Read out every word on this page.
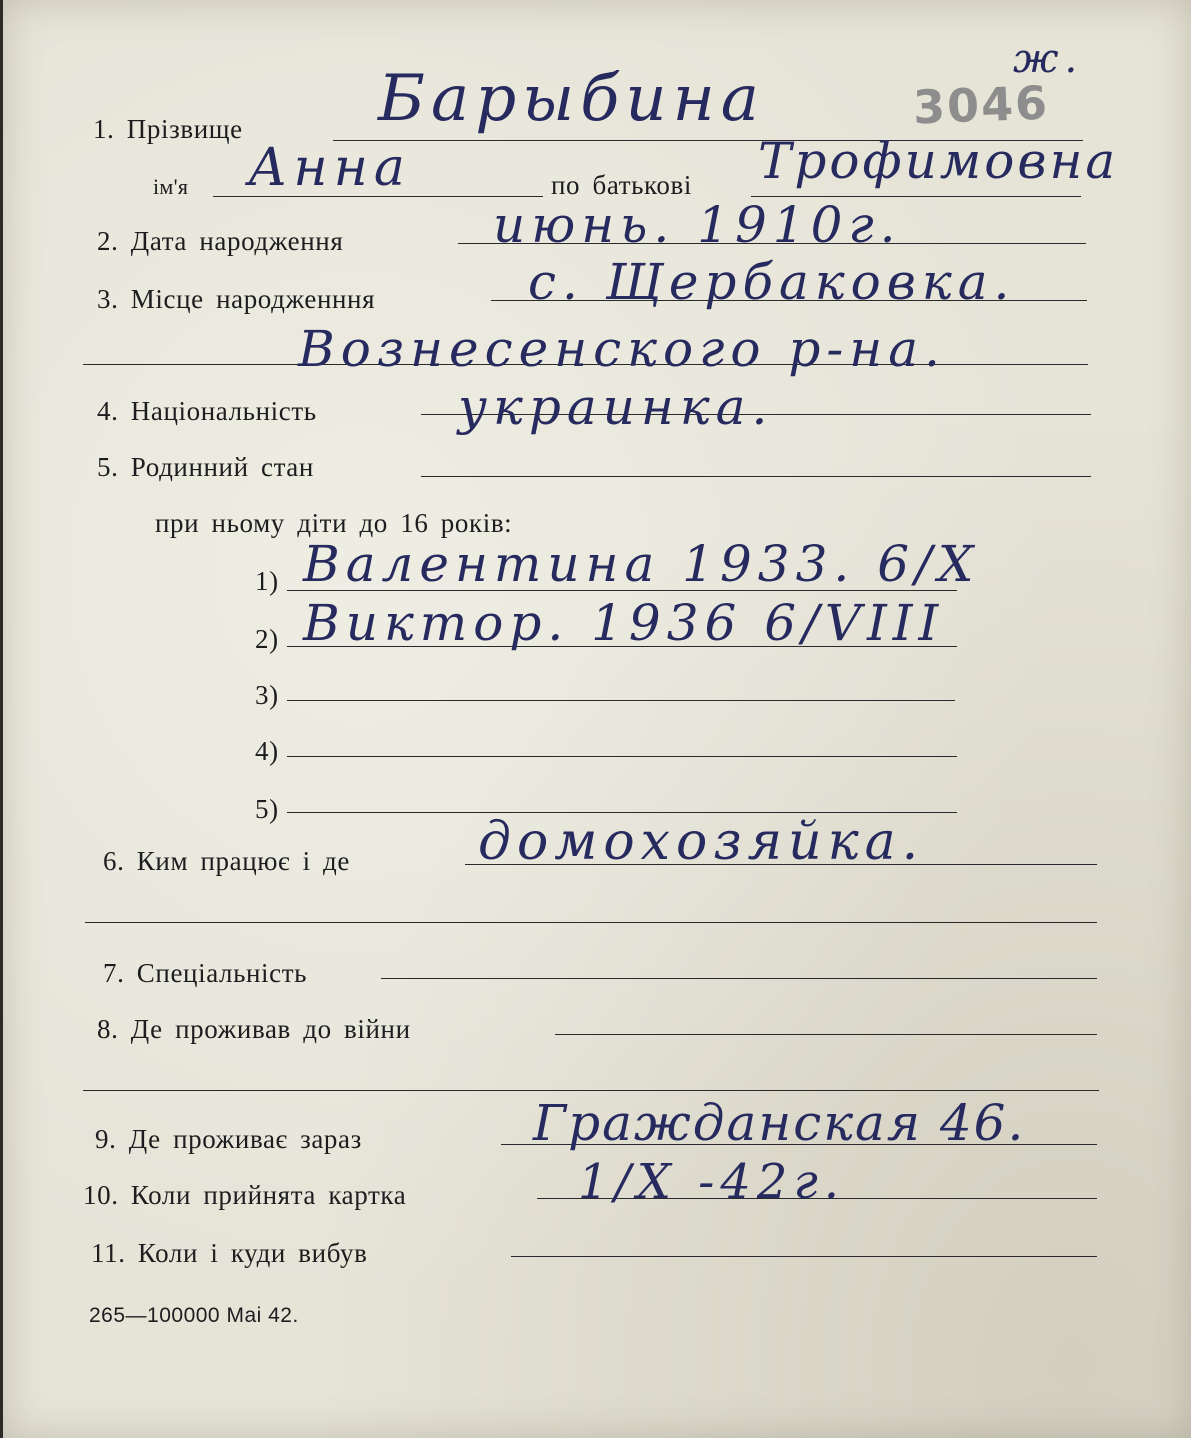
3046
ж.
1. Прізвище Барыбина
ім'я Анна	по батькові Трофимовна
2. Дата народження	июнь. 1910г.
3. Місце народженння	с. Щербаковка.
Вознесенского р-на.
4. Національність	украинка.
5. Родинний стан
при ньому діти до 16 років:
1) Валентина 1933. 6/Х
2) Виктор. 1936 6/VIII
3)
4)
5)
6. Ким працює і де домохозяйка.
7. Спеціальність
8. Де проживав до війни
9. Де проживає зараз	Гражданская 46.
10. Коли прийнята картка	1/Х -42г.
11. Коли і куди вибув
265—100000 Mai 42.
